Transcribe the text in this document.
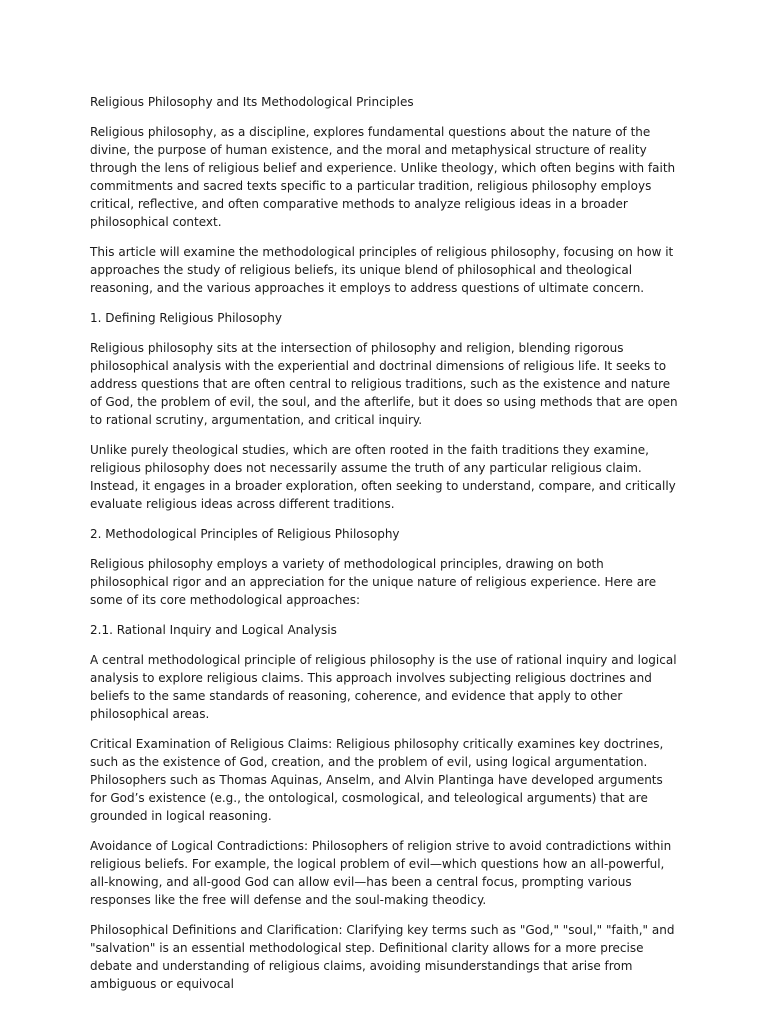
Religious Philosophy and Its Methodological Principles

Religious philosophy, as a discipline, explores fundamental questions about the nature of the divine, the purpose of human existence, and the moral and metaphysical structure of reality through the lens of religious belief and experience. Unlike theology, which often begins with faith commitments and sacred texts specific to a particular tradition, religious philosophy employs critical, reflective, and often comparative methods to analyze religious ideas in a broader philosophical context.

This article will examine the methodological principles of religious philosophy, focusing on how it approaches the study of religious beliefs, its unique blend of philosophical and theological reasoning, and the various approaches it employs to address questions of ultimate concern.

1. Defining Religious Philosophy

Religious philosophy sits at the intersection of philosophy and religion, blending rigorous philosophical analysis with the experiential and doctrinal dimensions of religious life. It seeks to address questions that are often central to religious traditions, such as the existence and nature of God, the problem of evil, the soul, and the afterlife, but it does so using methods that are open to rational scrutiny, argumentation, and critical inquiry.

Unlike purely theological studies, which are often rooted in the faith traditions they examine, religious philosophy does not necessarily assume the truth of any particular religious claim. Instead, it engages in a broader exploration, often seeking to understand, compare, and critically evaluate religious ideas across different traditions.

2. Methodological Principles of Religious Philosophy

Religious philosophy employs a variety of methodological principles, drawing on both philosophical rigor and an appreciation for the unique nature of religious experience. Here are some of its core methodological approaches:

2.1. Rational Inquiry and Logical Analysis

A central methodological principle of religious philosophy is the use of rational inquiry and logical analysis to explore religious claims. This approach involves subjecting religious doctrines and beliefs to the same standards of reasoning, coherence, and evidence that apply to other philosophical areas.

Critical Examination of Religious Claims: Religious philosophy critically examines key doctrines, such as the existence of God, creation, and the problem of evil, using logical argumentation. Philosophers such as Thomas Aquinas, Anselm, and Alvin Plantinga have developed arguments for God’s existence (e.g., the ontological, cosmological, and teleological arguments) that are grounded in logical reasoning.

Avoidance of Logical Contradictions: Philosophers of religion strive to avoid contradictions within religious beliefs. For example, the logical problem of evil—which questions how an all-powerful, all-knowing, and all-good God can allow evil—has been a central focus, prompting various responses like the free will defense and the soul-making theodicy.

Philosophical Definitions and Clarification: Clarifying key terms such as "God," "soul," "faith," and "salvation" is an essential methodological step. Definitional clarity allows for a more precise debate and understanding of religious claims, avoiding misunderstandings that arise from ambiguous or equivocal
